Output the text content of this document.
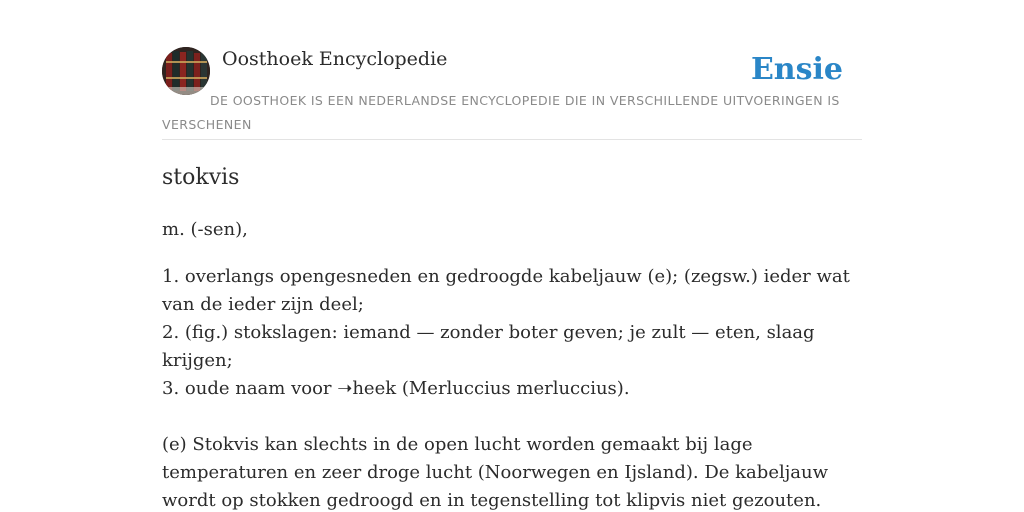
Oosthoek Encyclopedie	Ensie
DE OOSTHOEK IS EEN NEDERLANDSE ENCYCLOPEDIE DIE IN VERSCHILLENDE UITVOERINGEN IS VERSCHENEN
stokvis
m. (-sen),
1. overlangs opengesneden en gedroogde kabeljauw (e); (zegsw.) ieder wat van de ieder zijn deel;
2. (fig.) stokslagen: iemand — zonder boter geven; je zult — eten, slaag krijgen;
3. oude naam voor ➝heek (Merluccius merluccius).
(e) Stokvis kan slechts in de open lucht worden gemaakt bij lage temperaturen en zeer droge lucht (Noorwegen en Ijsland). De kabeljauw wordt op stokken gedroogd en in tegenstelling tot klipvis niet gezouten.
